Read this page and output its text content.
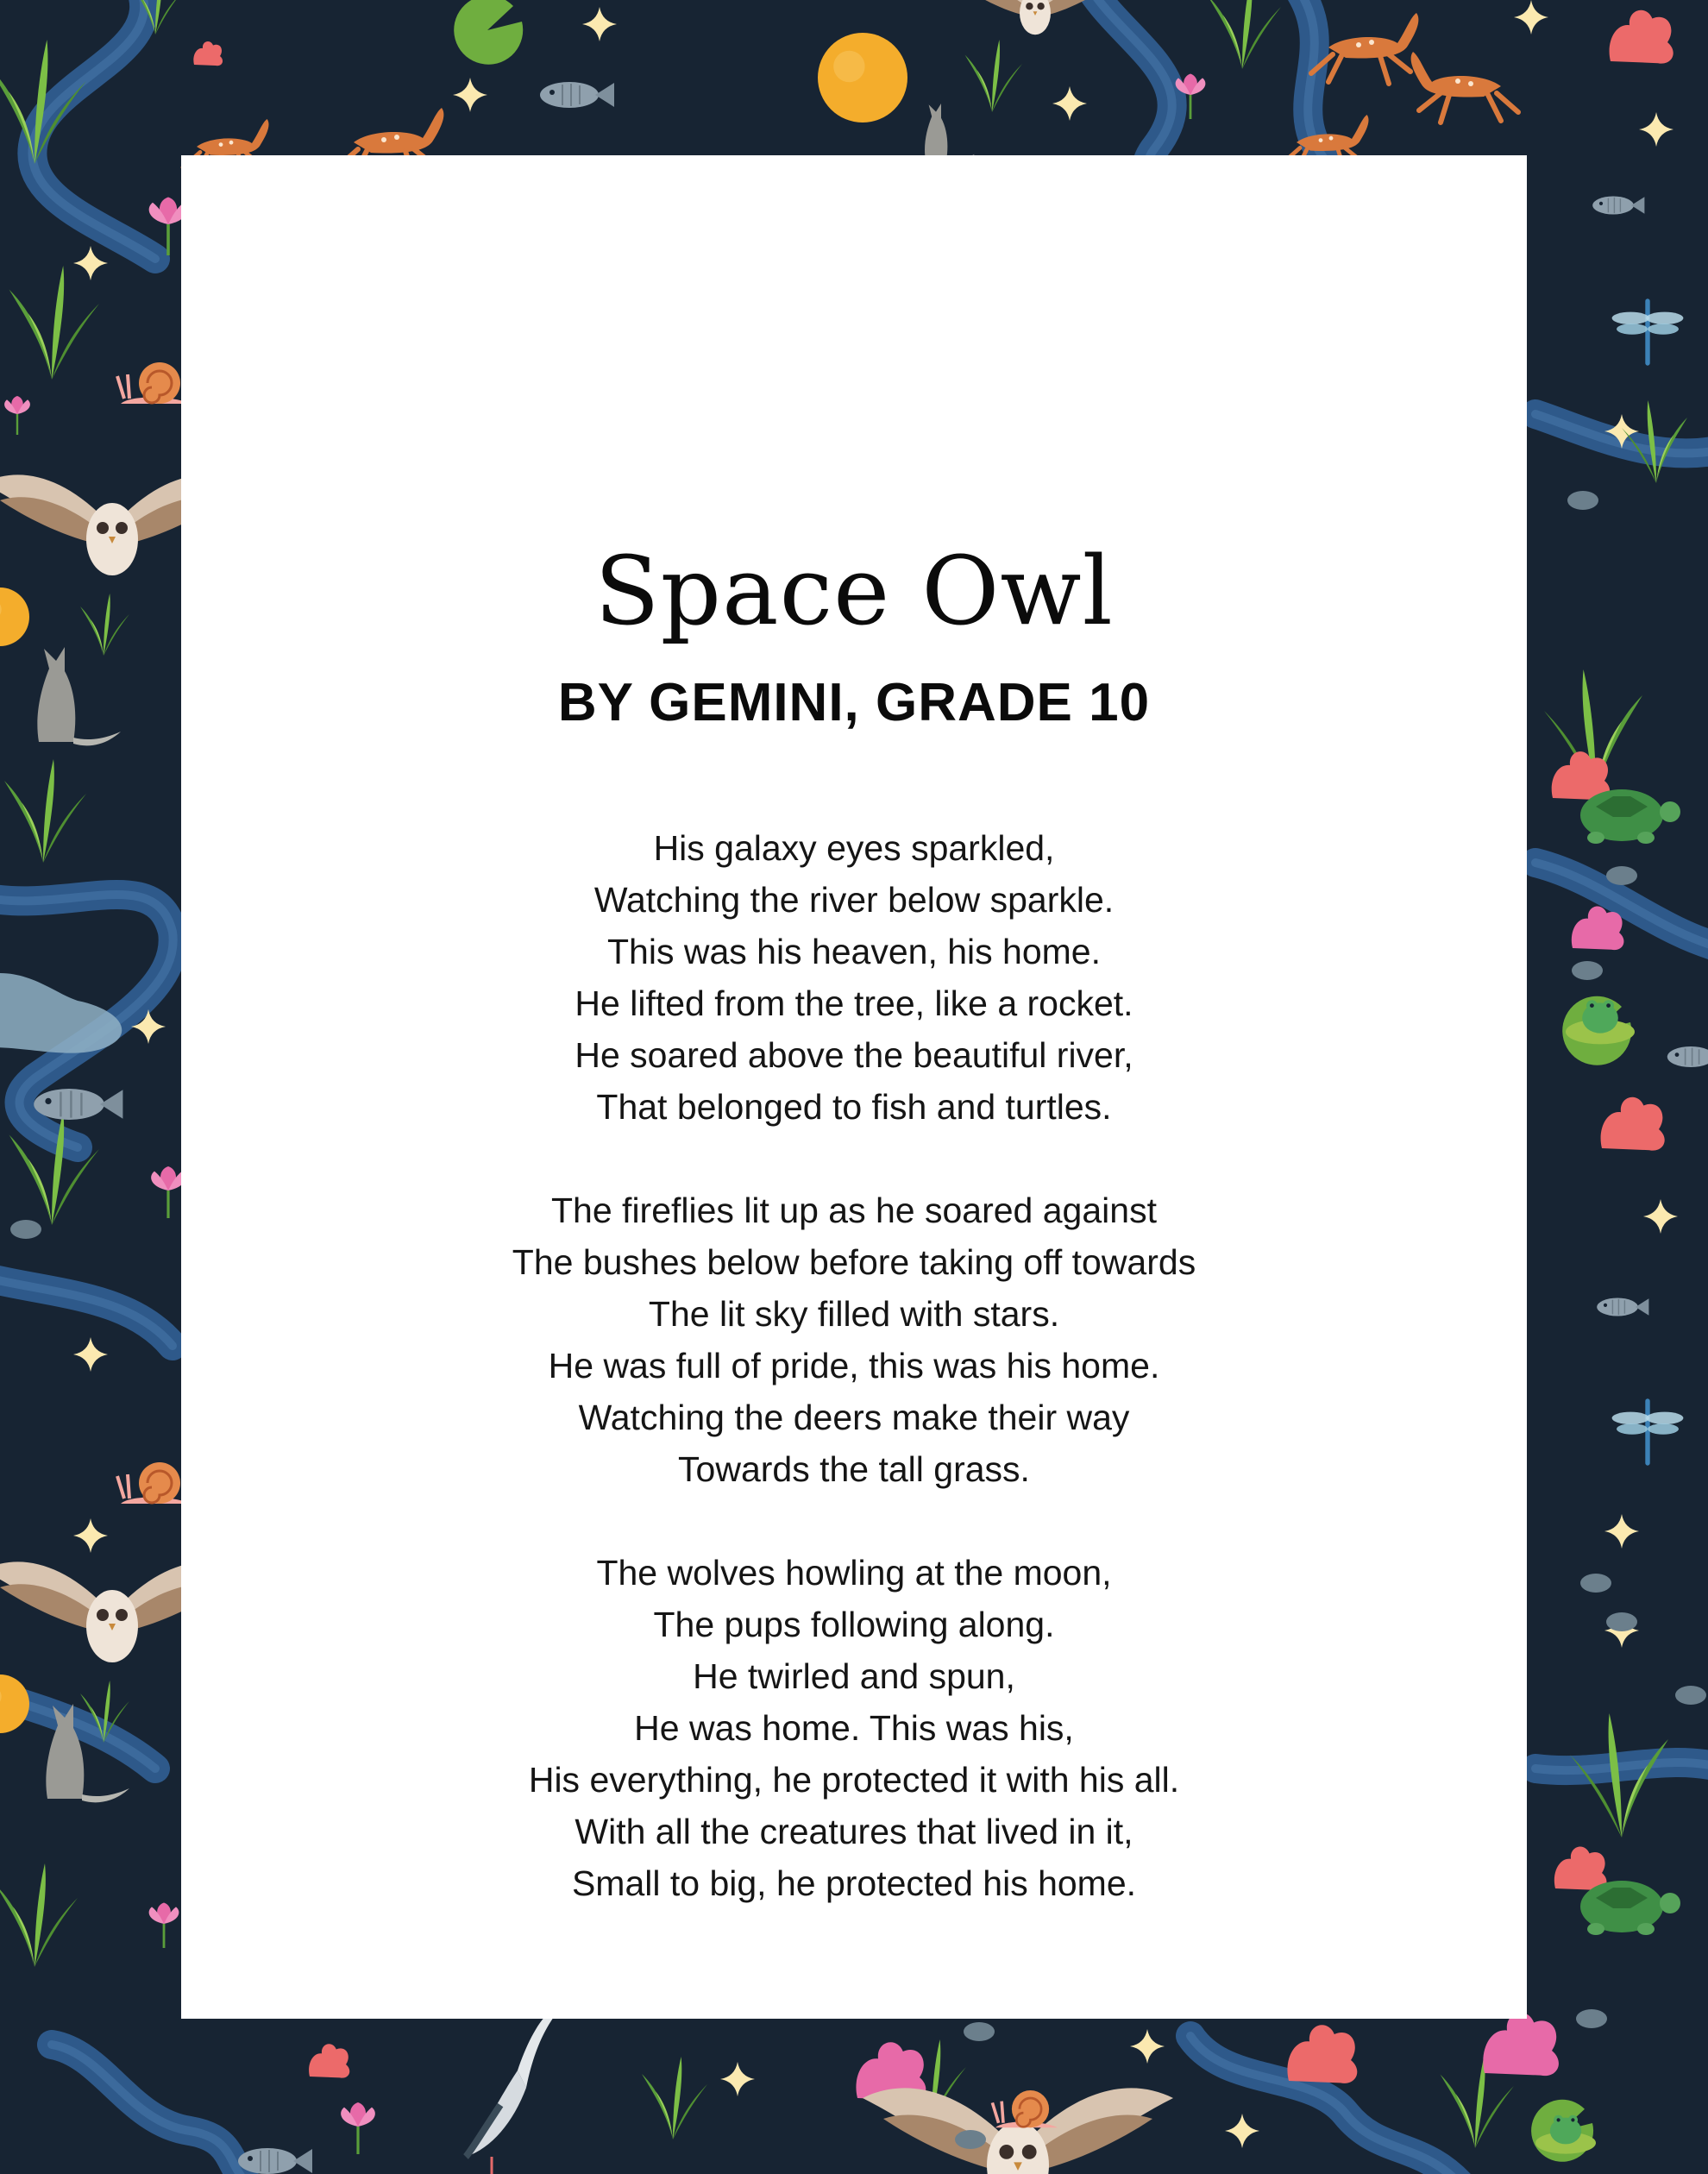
Space Owl
BY GEMINI, GRADE 10
His galaxy eyes sparkled,
Watching the river below sparkle.
This was his heaven, his home.
He lifted from the tree, like a rocket.
He soared above the beautiful river,
That belonged to fish and turtles.
The fireflies lit up as he soared against
The bushes below before taking off towards
The lit sky filled with stars.
He was full of pride, this was his home.
Watching the deers make their way
Towards the tall grass.
The wolves howling at the moon,
The pups following along.
He twirled and spun,
He was home. This was his,
His everything, he protected it with his all.
With all the creatures that lived in it,
Small to big, he protected his home.
